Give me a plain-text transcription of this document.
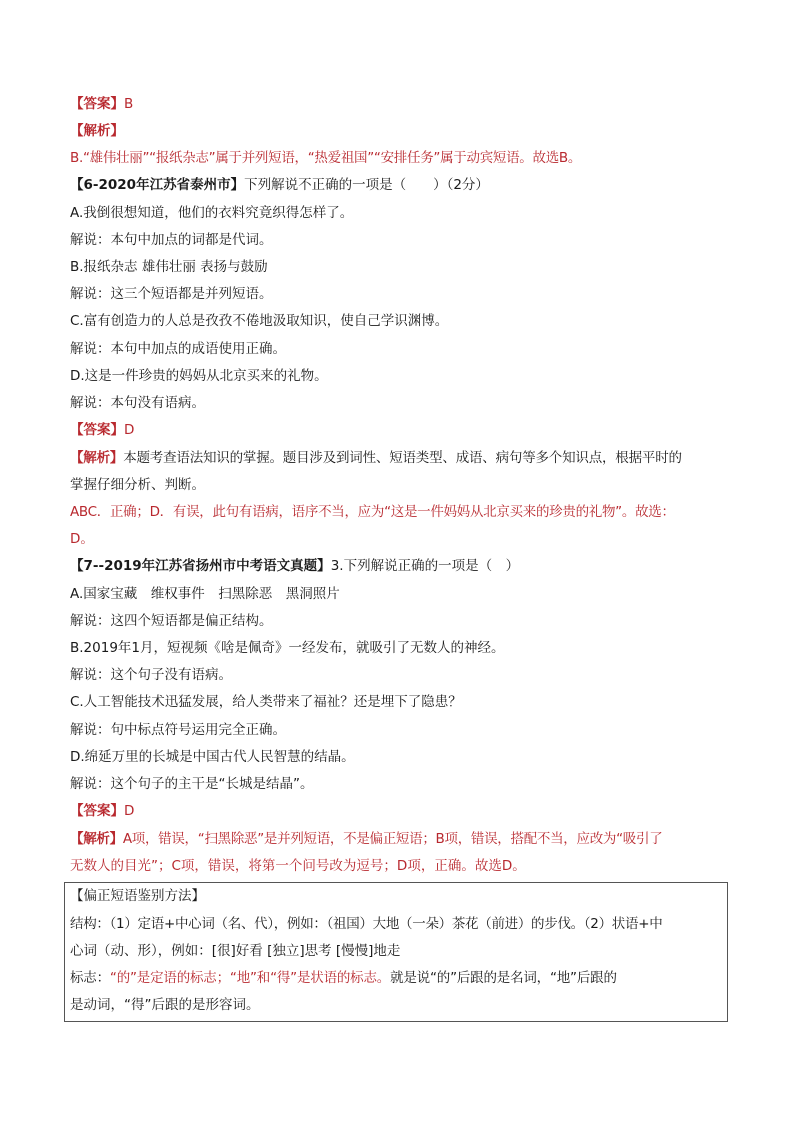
【答案】B
【解析】
B.“雄伟壮丽”“报纸杂志”属于并列短语，“热爱祖国”“安排任务”属于动宾短语。故选B。
【6-2020年江苏省泰州市】下列解说不正确的一项是（　　）（2分）
A.我倒很想知道，他们的衣料究竟织得怎样了。
解说：本句中加点的词都是代词。
B.报纸杂志 雄伟壮丽 表扬与鼓励
解说：这三个短语都是并列短语。
C.富有创造力的人总是孜孜不倦地汲取知识，使自己学识渊博。
解说：本句中加点的成语使用正确。
D.这是一件珍贵的妈妈从北京买来的礼物。
解说：本句没有语病。
【答案】D
【解析】本题考查语法知识的掌握。题目涉及到词性、短语类型、成语、病句等多个知识点，根据平时的
掌握仔细分析、判断。
ABC．正确；D．有误，此句有语病，语序不当，应为“这是一件妈妈从北京买来的珍贵的礼物”。故选：
D。
【7--2019年江苏省扬州市中考语文真题】3.下列解说正确的一项是（　）
A.国家宝藏　维权事件　扫黑除恶　黑洞照片
解说：这四个短语都是偏正结构。
B.2019年1月，短视频《啥是佩奇》一经发布，就吸引了无数人的神经。
解说：这个句子没有语病。
C.人工智能技术迅猛发展，给人类带来了福祉？还是埋下了隐患？
解说：句中标点符号运用完全正确。
D.绵延万里的长城是中国古代人民智慧的结晶。
解说：这个句子的主干是“长城是结晶”。
【答案】D
【解析】A项，错误，“扫黑除恶”是并列短语，不是偏正短语；B项，错误，搭配不当，应改为“吸引了
无数人的目光”；C项，错误，将第一个问号改为逗号；D项，正确。故选D。
【偏正短语鉴别方法】
结构：（1）定语+中心词（名、代），例如：（祖国）大地（一朵）茶花（前进）的步伐。（2）状语+中
心词（动、形），例如：[很]好看 [独立]思考 [慢慢]地走
标志：“的”是定语的标志；“地”和“得”是状语的标志。就是说“的”后跟的是名词，“地”后跟的
是动词，“得”后跟的是形容词。
